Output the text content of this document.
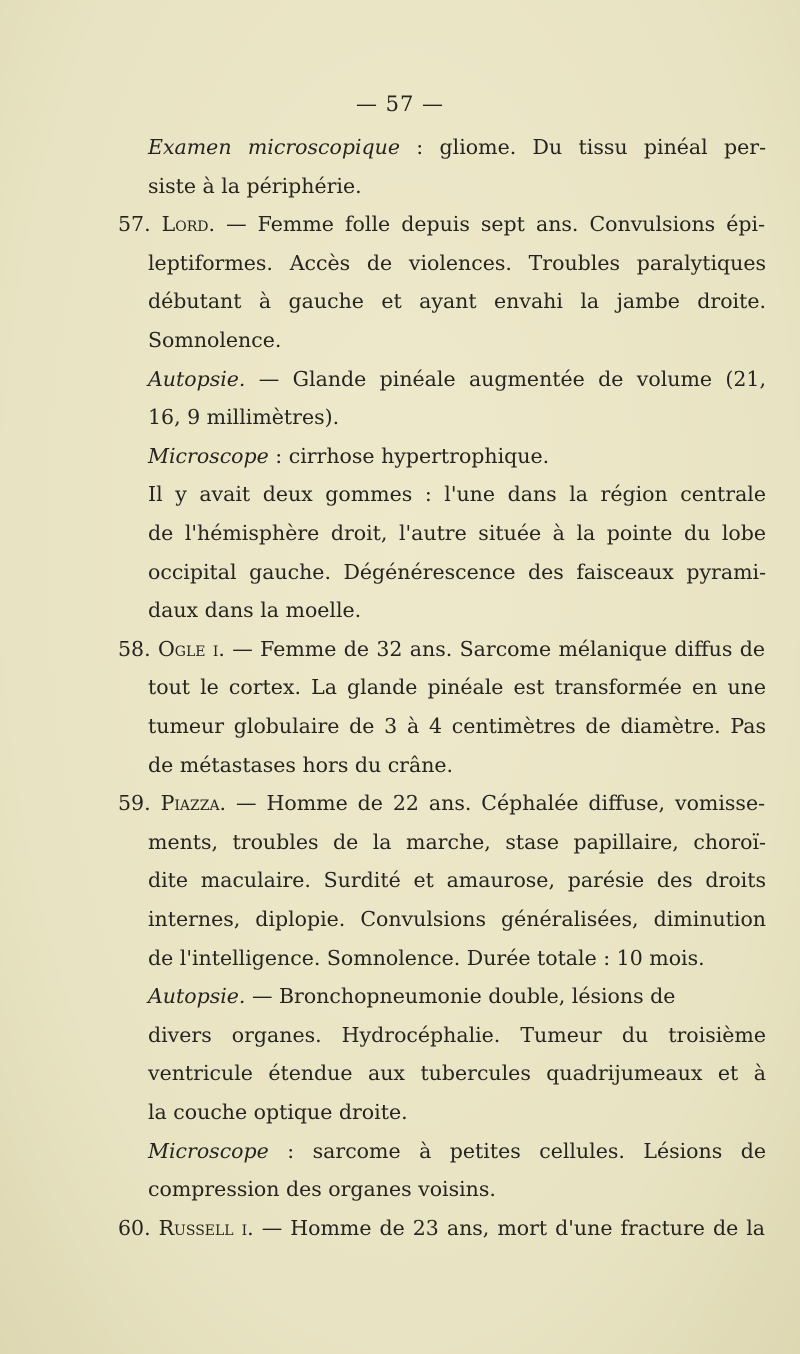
— 57 —
Examen microscopique : gliome. Du tissu pinéal per-
siste à la périphérie.
57. Lord. — Femme folle depuis sept ans. Convulsions épi-
leptiformes. Accès de violences. Troubles paralytiques
débutant à gauche et ayant envahi la jambe droite.
Somnolence.
Autopsie. — Glande pinéale augmentée de volume (21,
16, 9 millimètres).
Microscope : cirrhose hypertrophique.
Il y avait deux gommes : l'une dans la région centrale
de l'hémisphère droit, l'autre située à la pointe du lobe
occipital gauche. Dégénérescence des faisceaux pyrami-
daux dans la moelle.
58. Ogle i. — Femme de 32 ans. Sarcome mélanique diffus de
tout le cortex. La glande pinéale est transformée en une
tumeur globulaire de 3 à 4 centimètres de diamètre. Pas
de métastases hors du crâne.
59. Piazza. — Homme de 22 ans. Céphalée diffuse, vomisse-
ments, troubles de la marche, stase papillaire, choroï-
dite maculaire. Surdité et amaurose, parésie des droits
internes, diplopie. Convulsions généralisées, diminution
de l'intelligence. Somnolence. Durée totale : 10 mois.
Autopsie. — Bronchopneumonie double, lésions de
divers organes. Hydrocéphalie. Tumeur du troisième
ventricule étendue aux tubercules quadrijumeaux et à
la couche optique droite.
Microscope : sarcome à petites cellules. Lésions de
compression des organes voisins.
60. Russell i. — Homme de 23 ans, mort d'une fracture de la
